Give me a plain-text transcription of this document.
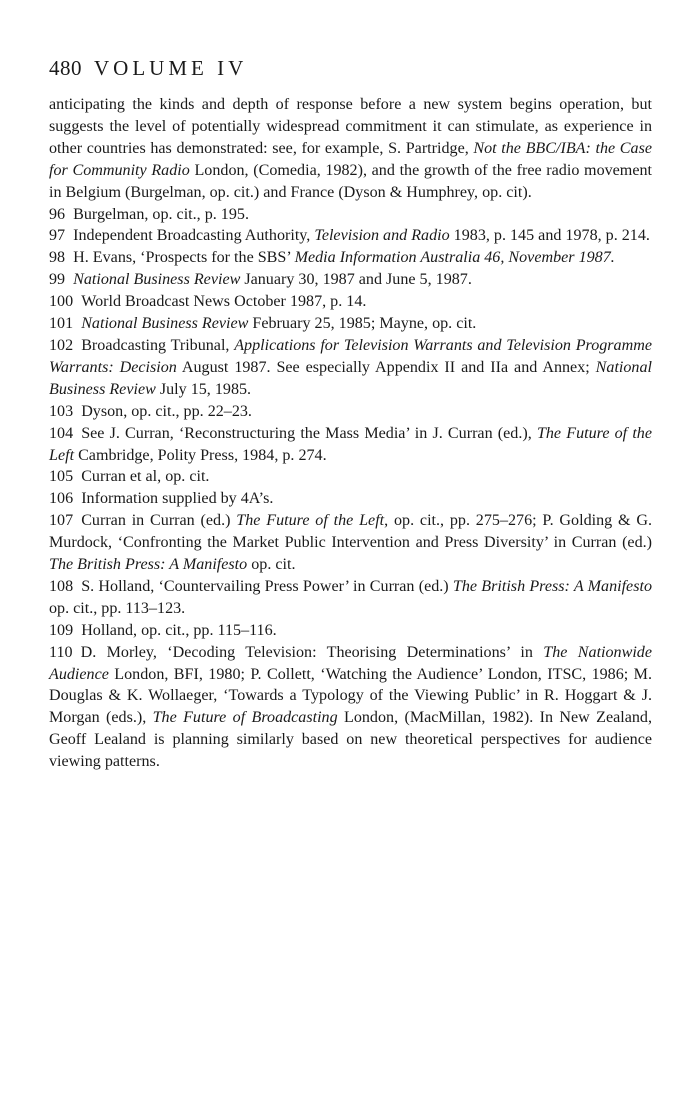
480 VOLUME IV

anticipating the kinds and depth of response before a new system begins operation, but suggests the level of potentially widespread commitment it can stimulate, as experience in other countries has demonstrated: see, for example, S. Partridge, Not the BBC/IBA: the Case for Community Radio London, (Comedia, 1982), and the growth of the free radio movement in Belgium (Burgelman, op. cit.) and France (Dyson & Humphrey, op. cit).

96  Burgelman, op. cit., p. 195.

97  Independent Broadcasting Authority, Television and Radio 1983, p. 145 and 1978, p. 214.

98  H. Evans, ‘Prospects for the SBS’ Media Information Australia 46, November 1987.

99  National Business Review January 30, 1987 and June 5, 1987.

100  World Broadcast News October 1987, p. 14.

101  National Business Review February 25, 1985; Mayne, op. cit.

102  Broadcasting Tribunal, Applications for Television Warrants and Television Programme Warrants: Decision August 1987. See especially Appendix II and IIa and Annex; National Business Review July 15, 1985.

103  Dyson, op. cit., pp. 22–23.

104  See J. Curran, ‘Reconstructuring the Mass Media’ in J. Curran (ed.), The Future of the Left Cambridge, Polity Press, 1984, p. 274.

105  Curran et al, op. cit.

106  Information supplied by 4A’s.

107  Curran in Curran (ed.) The Future of the Left, op. cit., pp. 275–276; P. Golding & G. Murdock, ‘Confronting the Market Public Intervention and Press Diversity’ in Curran (ed.) The British Press: A Manifesto op. cit.

108  S. Holland, ‘Countervailing Press Power’ in Curran (ed.) The British Press: A Manifesto op. cit., pp. 113–123.

109  Holland, op. cit., pp. 115–116.

110  D. Morley, ‘Decoding Television: Theorising Determinations’ in The Nationwide Audience London, BFI, 1980; P. Collett, ‘Watching the Audience’ London, ITSC, 1986; M. Douglas & K. Wollaeger, ‘Towards a Typology of the Viewing Public’ in R. Hoggart & J. Morgan (eds.), The Future of Broadcasting London, (MacMillan, 1982). In New Zealand, Geoff Lealand is planning similarly based on new theoretical perspectives for audience viewing patterns.
